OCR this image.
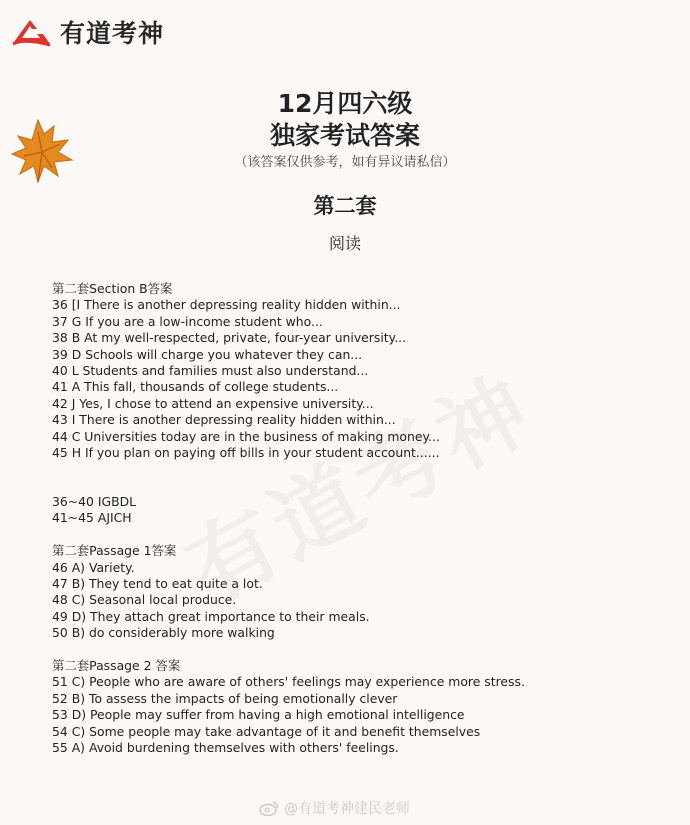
有道考神
12月四六级
独家考试答案
（该答案仅供参考，如有异议请私信）
第二套
阅读
第二套Section B答案
36 [I There is another depressing reality hidden within...
37 G If you are a low-income student who...
38 B At my well-respected, private, four-year university...
39 D Schools will charge you whatever they can...
40 L Students and families must also understand...
41 A This fall, thousands of college students...
42 J Yes, I chose to attend an expensive university...
43 I There is another depressing reality hidden within...
44 C Universities today are in the business of making money...
45 H If you plan on paying off bills in your student account......
36~40 IGBDL
41~45 AJICH
第二套Passage 1答案
46 A) Variety.
47 B) They tend to eat quite a lot.
48 C) Seasonal local produce.
49 D) They attach great importance to their meals.
50 B) do considerably more walking
第二套Passage 2 答案
51 C) People who are aware of others' feelings may experience more stress.
52 B) To assess the impacts of being emotionally clever
53 D) People may suffer from having a high emotional intelligence
54 C) Some people may take advantage of it and benefit themselves
55 A) Avoid burdening themselves with others' feelings.
@有道考神建民老师
